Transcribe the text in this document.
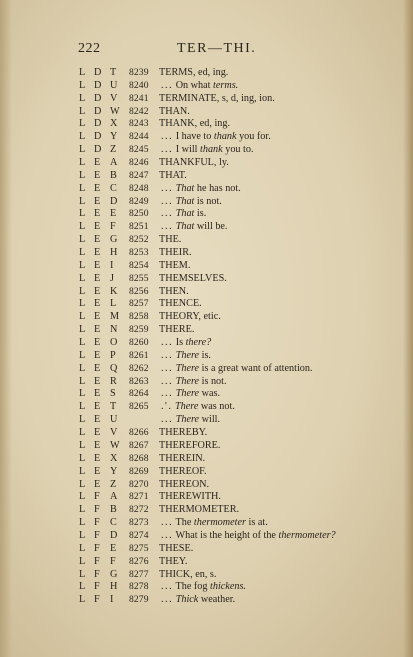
222	TER—THI.
L D T 8239 TERMS, ed, ing.
L D U 8240 ... On what terms.
L D V 8241 TERMINATE, s, d, ing, ion.
L D W 8242 THAN.
L D X 8243 THANK, ed, ing.
L D Y 8244 ... I have to thank you for.
L D Z 8245 ... I will thank you to.
L E A 8246 THANKFUL, ly.
L E B 8247 THAT.
L E C 8248 ... That he has not.
L E D 8249 ... That is not.
L E E 8250 ... That is.
L E F 8251 ... That will be.
L E G 8252 THE.
L E H 8253 THEIR.
L E I 8254 THEM.
L E J 8255 THEMSELVES.
L E K 8256 THEN.
L E L 8257 THENCE.
L E M 8258 THEORY, etic.
L E N 8259 THERE.
L E O 8260 ... Is there?
L E P 8261 ... There is.
L E Q 8262 ... There is a great want of attention.
L E R 8263 ... There is not.
L E S 8264 ... There was.
L E T 8265 .'. There was not.
L E U	... There will.
L E V 8266 THEREBY.
L E W 8267 THEREFORE.
L E X 8268 THEREIN.
L E Y 8269 THEREOF.
L E Z 8270 THEREON.
L F A 8271 THEREWITH.
L F B 8272 THERMOMETER.
L F C 8273 ... The thermometer is at.
L F D 8274 ... What is the height of the thermometer?
L F E 8275 THESE.
L F F 8276 THEY.
L F G 8277 THICK, en, s.
L F H 8278 ... The fog thickens.
L F I 8279 ... Thick weather.
